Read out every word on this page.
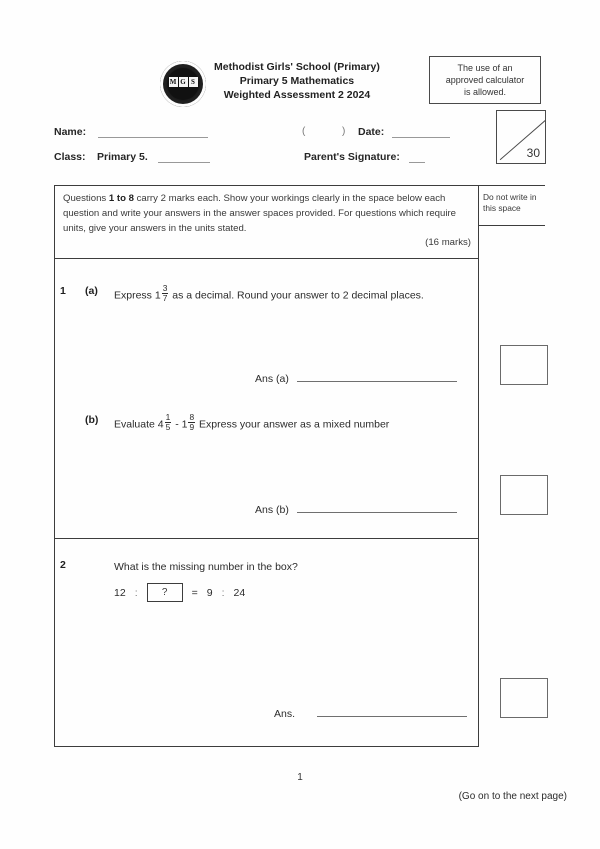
M G S
Methodist Girls' School (Primary)
Primary 5 Mathematics
Weighted Assessment 2 2024
The use of an
approved calculator
is allowed.
30
Name:	(	) Date:
Class: Primary 5.	Parent's Signature:
Questions 1 to 8 carry 2 marks each. Show your workings clearly in the space below each question and write your answers in the answer spaces provided. For questions which require units, give your answers in the units stated.
(16 marks)
Do not write in this space
1 (a) Express $1 \frac{3}{7}$ as a decimal. Round your answer to 2 decimal places.
Ans (a)
(b) Evaluate $4 \frac{1}{5} - 1 \frac{8}{9}$ Express your answer as a mixed number
Ans (b)
2	What is the missing number in the box?
12 :	?	= 9 : 24
Ans.
1
(Go on to the next page)
